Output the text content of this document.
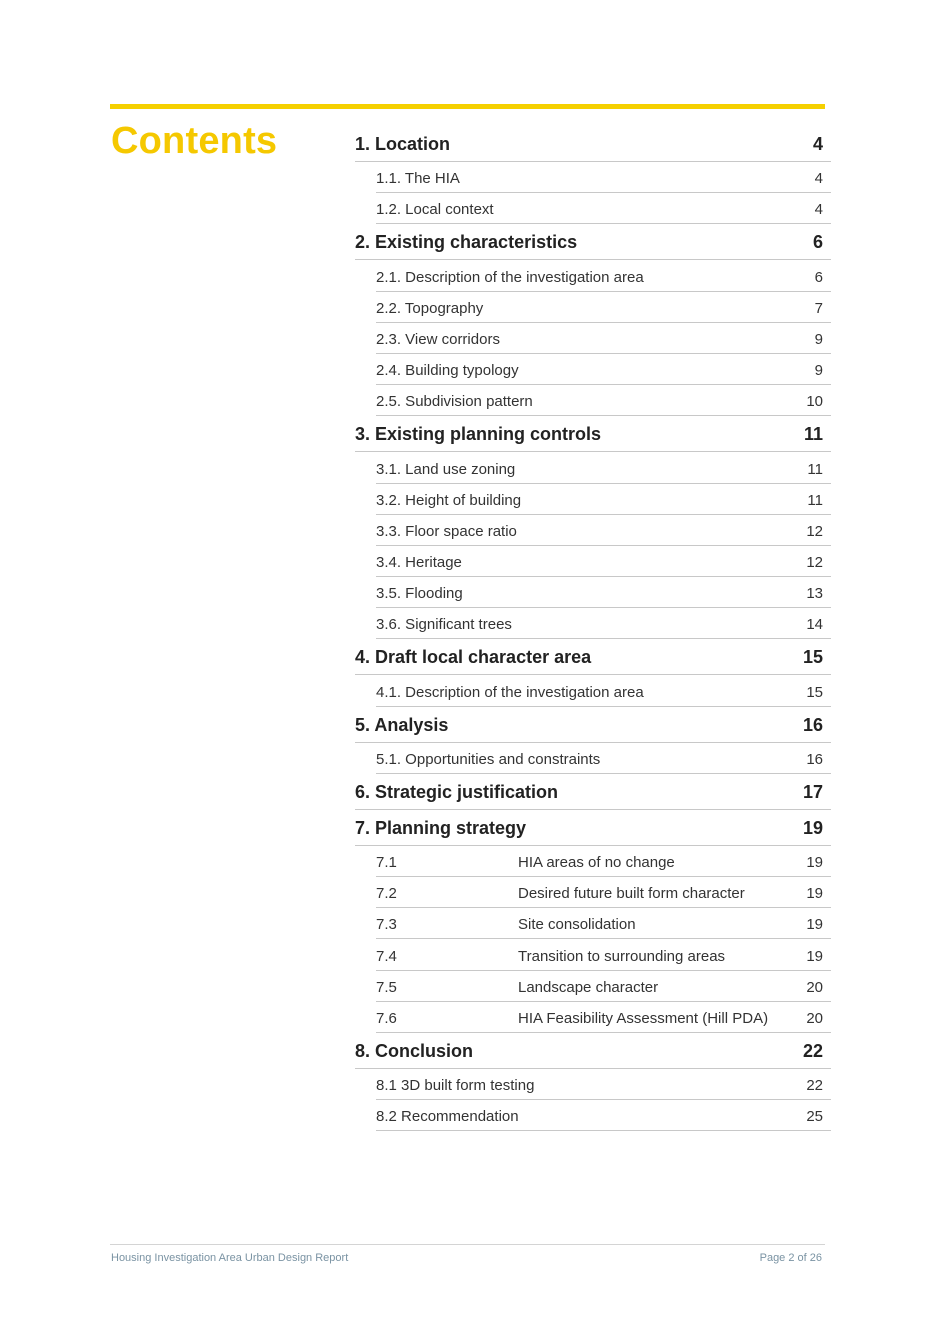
Contents	1. Location	4
1.1. The HIA	4
1.2. Local context	4
2. Existing characteristics	6
2.1. Description of the investigation area	6
2.2. Topography	7
2.3. View corridors	9
2.4. Building typology	9
2.5. Subdivision pattern	10
3. Existing planning controls	11
3.1. Land use zoning	11
3.2. Height of building	11
3.3. Floor space ratio	12
3.4. Heritage	12
3.5. Flooding	13
3.6. Significant trees	14
4. Draft local character area	15
4.1. Description of the investigation area	15
5. Analysis	16
5.1. Opportunities and constraints	16
6. Strategic justification	17
7. Planning strategy	19
7.1	HIA areas of no change	19
7.2	Desired future built form character	19
7.3	Site consolidation	19
7.4	Transition to surrounding areas	19
7.5	Landscape character	20
7.6	HIA Feasibility Assessment (Hill PDA)	20
8. Conclusion	22
8.1 3D built form testing	22
8.2 Recommendation	25
Housing Investigation Area Urban Design Report	Page 2 of 26
